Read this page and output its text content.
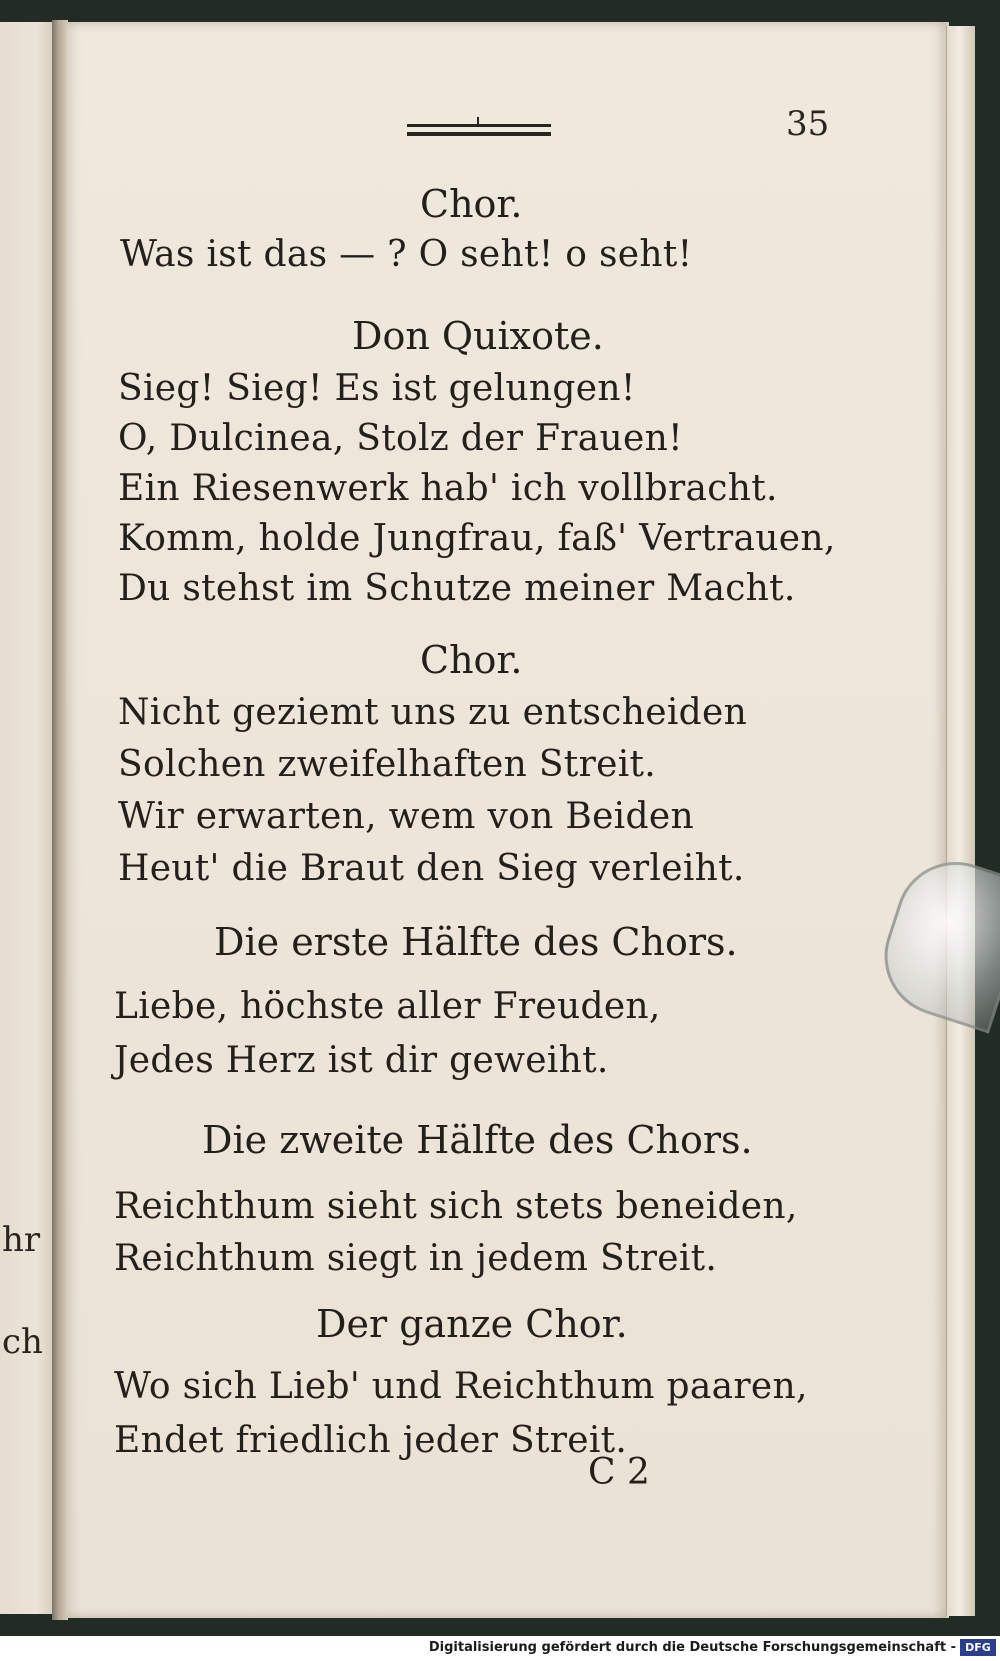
hr
ch
35
Chor.
Was ist das — ? O seht! o seht!
Don Quixote.
Sieg! Sieg! Es ist gelungen!
O, Dulcinea, Stolz der Frauen!
Ein Riesenwerk hab' ich vollbracht.
Komm, holde Jungfrau, faß' Vertrauen,
Du stehst im Schutze meiner Macht.
Chor.
Nicht geziemt uns zu entscheiden
Solchen zweifelhaften Streit.
Wir erwarten, wem von Beiden
Heut' die Braut den Sieg verleiht.
Die erste Hälfte des Chors.
Liebe, höchste aller Freuden,
Jedes Herz ist dir geweiht.
Die zweite Hälfte des Chors.
Reichthum sieht sich stets beneiden,
Reichthum siegt in jedem Streit.
Der ganze Chor.
Wo sich Lieb' und Reichthum paaren,
Endet friedlich jeder Streit.
C 2
Digitalisierung gefördert durch die Deutsche Forschungsgemeinschaft - DFG
